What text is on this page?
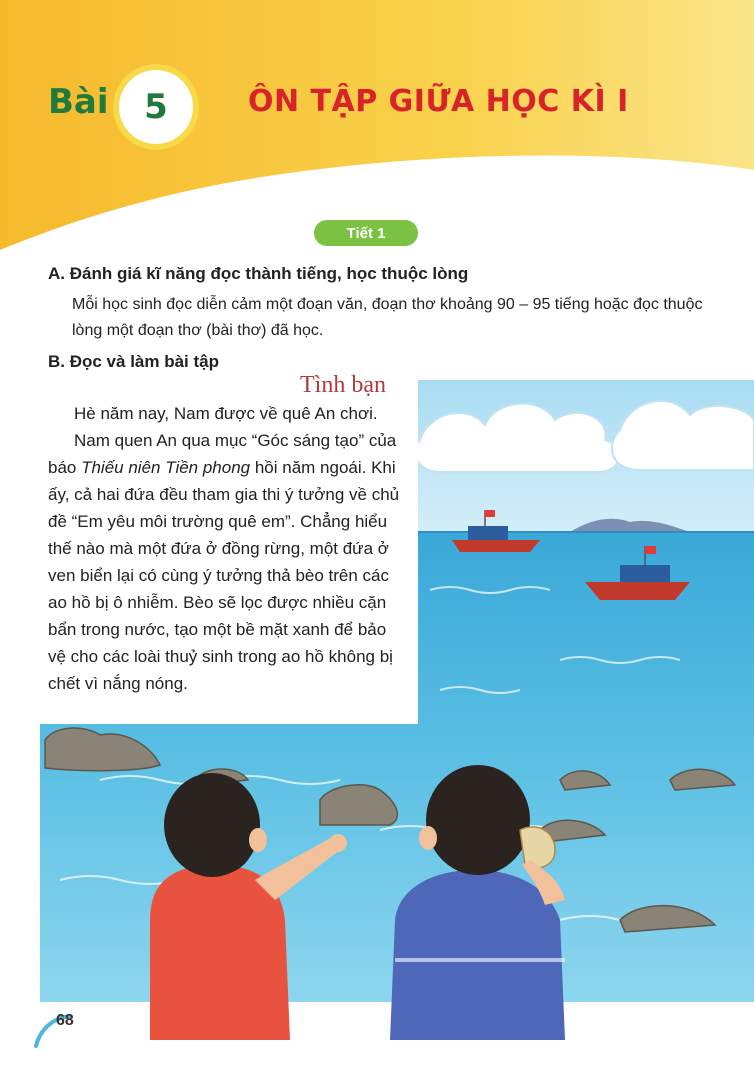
Bài 5	ÔN TẬP GIỮA HỌC KÌ I
Tiết 1
A. Đánh giá kĩ năng đọc thành tiếng, học thuộc lòng
Mỗi học sinh đọc diễn cảm một đoạn văn, đoạn thơ khoảng 90 – 95 tiếng hoặc đọc thuộc lòng một đoạn thơ (bài thơ) đã học.
B. Đọc và làm bài tập
Tình bạn

Hè năm nay, Nam được về quê An chơi.

Nam quen An qua mục “Góc sáng tạo” của báo Thiếu niên Tiền phong hồi năm ngoái. Khi ấy, cả hai đứa đều tham gia thi ý tưởng về chủ đề “Em yêu môi trường quê em”. Chẳng hiểu thế nào mà một đứa ở đồng rừng, một đứa ở ven biển lại có cùng ý tưởng thả bèo trên các ao hồ bị ô nhiễm. Bèo sẽ lọc được nhiều cặn bẩn trong nước, tạo một bề mặt xanh để bảo vệ cho các loài thuỷ sinh trong ao hồ không bị chết vì nắng nóng.

68
